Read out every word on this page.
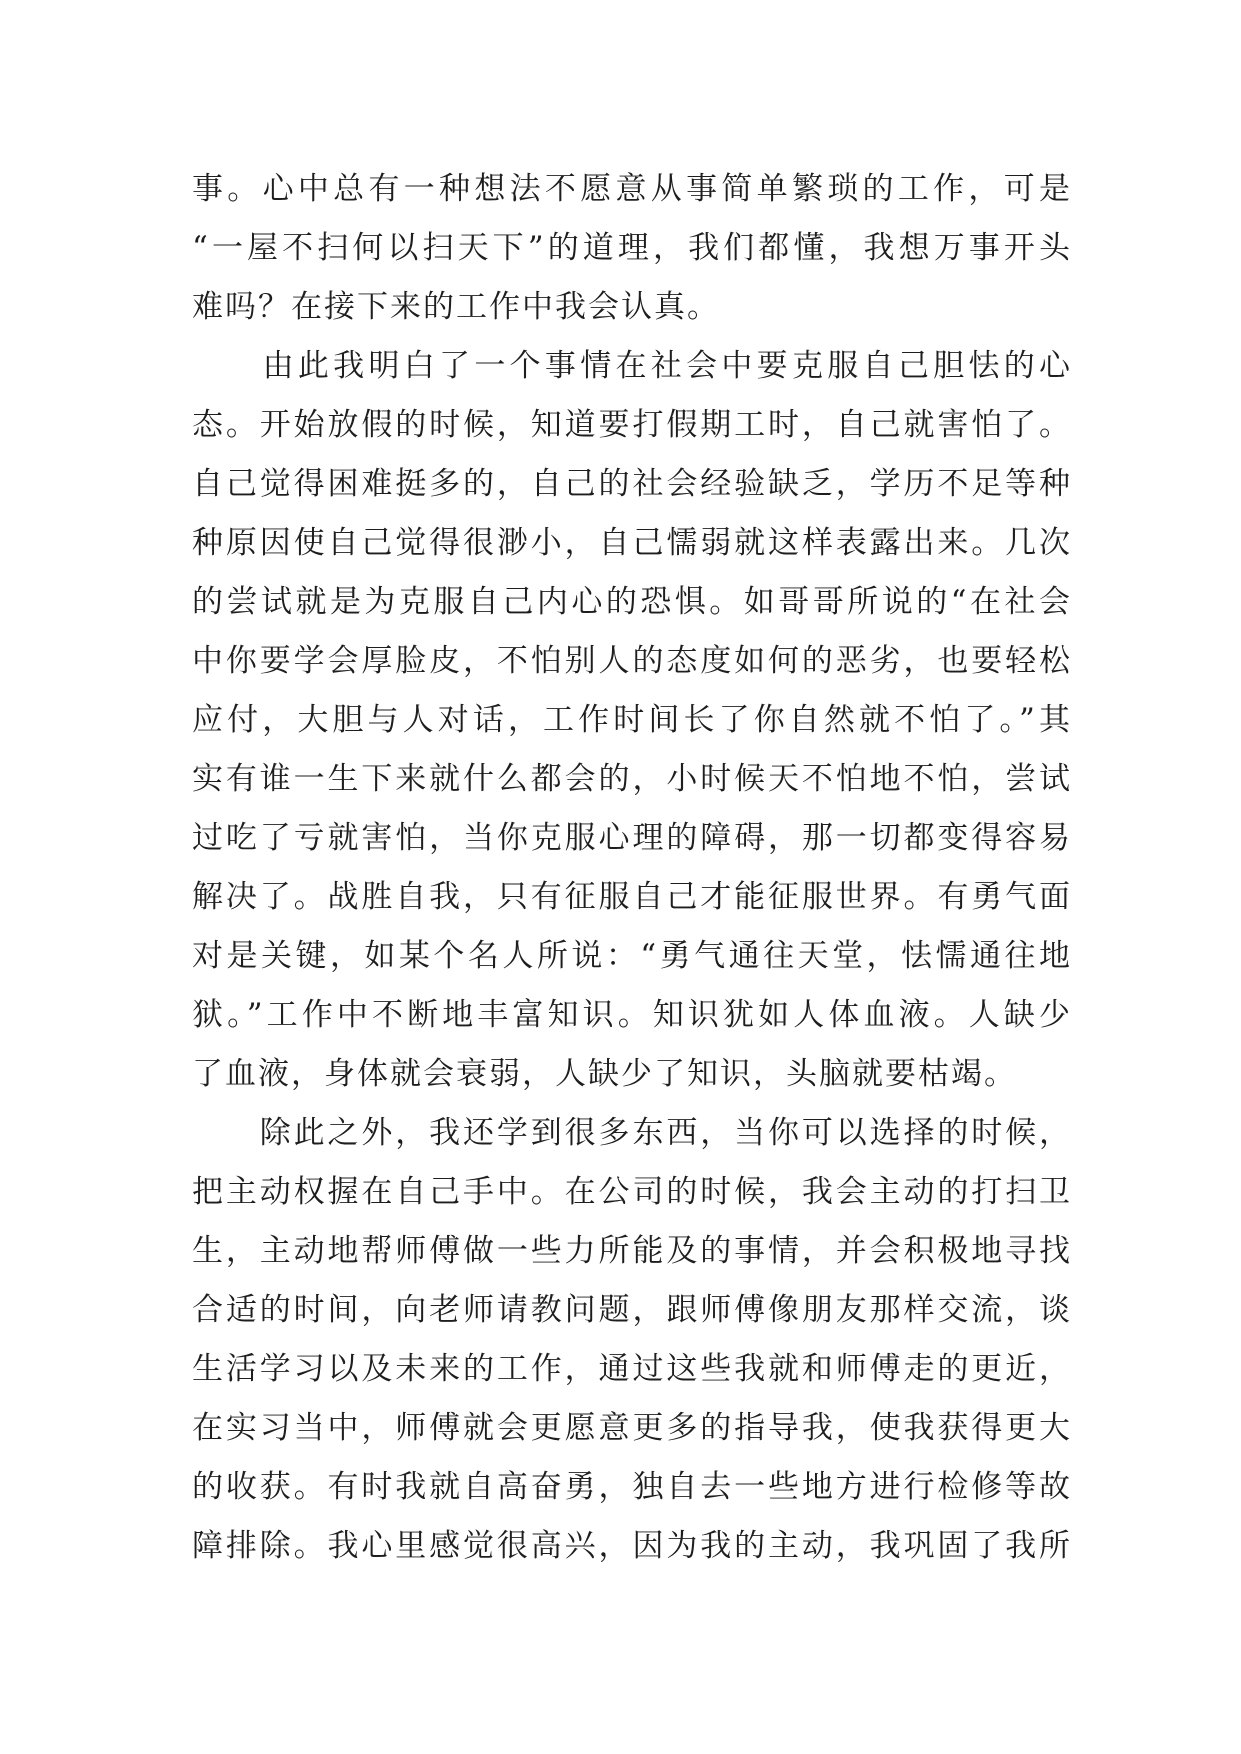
事。心中总有一种想法不愿意从事简单繁琐的工作，可是
“一屋不扫何以扫天下”的道理，我们都懂，我想万事开头
难吗？在接下来的工作中我会认真。
　　由此我明白了一个事情在社会中要克服自己胆怯的心
态。开始放假的时候，知道要打假期工时，自己就害怕了。
自己觉得困难挺多的，自己的社会经验缺乏，学历不足等种
种原因使自己觉得很渺小，自己懦弱就这样表露出来。几次
的尝试就是为克服自己内心的恐惧。如哥哥所说的“在社会
中你要学会厚脸皮，不怕别人的态度如何的恶劣，也要轻松
应付，大胆与人对话，工作时间长了你自然就不怕了。”其
实有谁一生下来就什么都会的，小时候天不怕地不怕，尝试
过吃了亏就害怕，当你克服心理的障碍，那一切都变得容易
解决了。战胜自我，只有征服自己才能征服世界。有勇气面
对是关键，如某个名人所说：“勇气通往天堂，怯懦通往地
狱。”工作中不断地丰富知识。知识犹如人体血液。人缺少
了血液，身体就会衰弱，人缺少了知识，头脑就要枯竭。
　　除此之外，我还学到很多东西，当你可以选择的时候，
把主动权握在自己手中。在公司的时候，我会主动的打扫卫
生，主动地帮师傅做一些力所能及的事情，并会积极地寻找
合适的时间，向老师请教问题，跟师傅像朋友那样交流，谈
生活学习以及未来的工作，通过这些我就和师傅走的更近，
在实习当中，师傅就会更愿意更多的指导我，使我获得更大
的收获。有时我就自高奋勇，独自去一些地方进行检修等故
障排除。我心里感觉很高兴，因为我的主动，我巩固了我所
